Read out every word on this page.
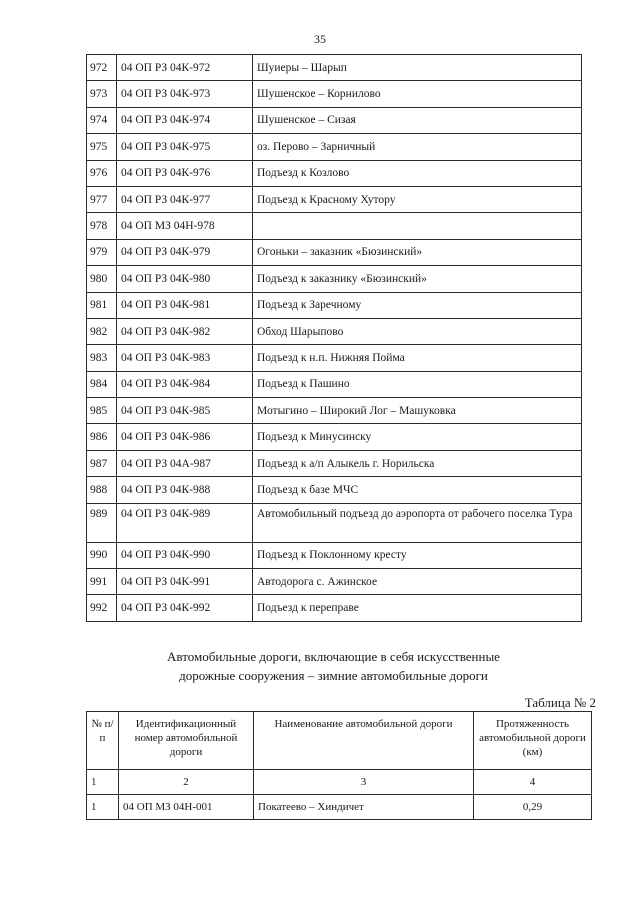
35
972	04 ОП РЗ 04К-972	Шуиеры – Шарып
973	04 ОП РЗ 04К-973	Шушенское – Корнилово
974	04 ОП РЗ 04К-974	Шушенское – Сизая
975	04 ОП РЗ 04К-975	оз. Перово – Зарничный
976	04 ОП РЗ 04К-976	Подъезд к Козлово
977	04 ОП РЗ 04К-977	Подъезд к Красному Хутору
978	04 ОП МЗ 04Н-978	
979	04 ОП РЗ 04К-979	Огоньки – заказник «Бюзинский»
980	04 ОП РЗ 04К-980	Подъезд к заказнику «Бюзинский»
981	04 ОП РЗ 04К-981	Подъезд к Заречному
982	04 ОП РЗ 04К-982	Обход Шарыпово
983	04 ОП РЗ 04К-983	Подъезд к н.п. Нижняя Пойма
984	04 ОП РЗ 04К-984	Подъезд к Пашино
985	04 ОП РЗ 04К-985	Мотыгино – Широкий Лог – Машуковка
986	04 ОП РЗ 04К-986	Подъезд к Минусинску
987	04 ОП РЗ 04А-987	Подъезд к а/п Алыкель г. Норильска
988	04 ОП РЗ 04К-988	Подъезд к базе МЧС
989	04 ОП РЗ 04К-989	Автомобильный подъезд до аэропорта от рабочего поселка Тура
990	04 ОП РЗ 04К-990	Подъезд к Поклонному кресту
991	04 ОП РЗ 04К-991	Автодорога с. Ажинское
992	04 ОП РЗ 04К-992	Подъезд к переправе
Автомобильные дороги, включающие в себя искусственные
дорожные сооружения – зимние автомобильные дороги
Таблица № 2
№ п/п	Идентификационный номер автомобильной дороги	Наименование автомобильной дороги	Протяженность автомобильной дороги (км)
1	2	3	4
1	04 ОП МЗ 04Н-001	Покатеево – Хиндичет	0,29
